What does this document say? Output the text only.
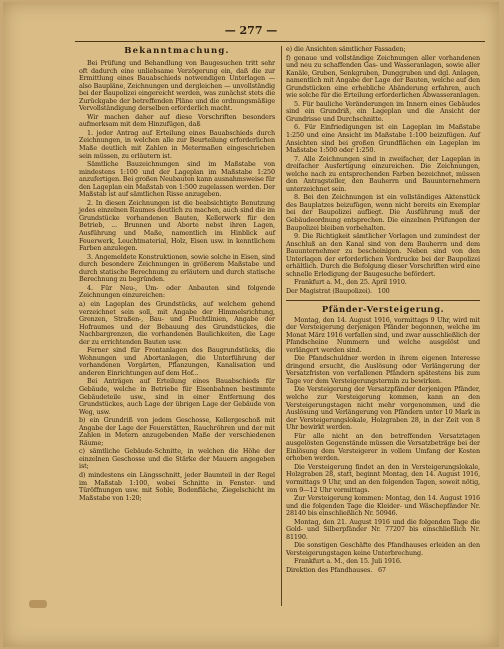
— 277 —
Bekanntmachung.

Bei Prüfung und Behandlung von Baugesuchen tritt sehr oft dadurch eine unliebsame Verzögerung ein, daß die zur Ermittlung eines Bauabschieds notwendigen Unterlagen — also Baupläne, Zeichnungen und dergleichen — unvollständig bei der Baupolizei eingereicht werden, was zunächst stets die Zurückgabe der betreffenden Pläne und die ordnungsmäßige Vervollständigung derselben erforderlich macht.

Wir machen daher auf diese Vorschriften besonders aufmerksam mit dem Hinzufügen, daß

1. jeder Antrag auf Erteilung eines Bauabschieds durch Zeichnungen, in welchen alle zur Beurteilung erforderlichen Maße deutlich mit Zahlen in Metermaßen eingeschrieben sein müssen, zu erläutern ist.

Sämtliche Bauzeichnungen sind im Maßstabe von mindestens 1:100 und der Lageplan im Maßstabe 1:250 anzufertigen. Bei großen Neubauten kann ausnahmsweise für den Lageplan ein Maßstab von 1:500 zugelassen werden. Der Maßstab ist auf sämtlichen Risse anzugeben.

2. In diesen Zeichnungen ist die beabsichtigte Benutzung jedes einzelnen Raumes deutlich zu machen, auch sind die im Grundstücke vorhandenen Bauten, Kellerwerk für den Betrieb, ... Brunnen und Aborte nebst ihren Lagen, Ausführung und Maße, namentlich im Hinblick auf Feuerwerk, Leuchtmaterial, Holz, Eisen usw. in kenntlichem Farben anzulegen.

3. Angemeldete Konstruktionen, sowie solche in Eisen, sind durch besondere Zeichnungen in größerem Maßstabe und durch statische Berechnung zu erläutern und durch statische Berechnung zu begründen.

4. Für Neu-, Um- oder Anbauten sind folgende Zeichnungen einzureichen:

a) ein Lageplan des Grundstücks, auf welchem gehend verzeichnet sein soll, mit Angabe der Himmelsrichtung, Grenzen, Straßen-, Bau- und Fluchtlinien, Angabe der Hofraumes und der Bebauung des Grundstückes, die Nachbargrenzen, die vorhandenen Baulichkeiten, die Lage der zu errichtenden Bauten usw.

Ferner sind für Frontanlagen des Baugrundstücks, die Wohnungen und Abortanlagen, die Unterführung der vorhandenen Vorgärten, Pflanzungen, Kanalisation und anderen Einrichtungen auf dem Hof...

Bei Anträgen auf Erteilung eines Bauabschieds für Gebäude, welche in Betriebe für Eisenbahnen bestimmte Gebäudeteile usw., sind in einer Entfernung des Grundstückes, auch Lage der übrigen Lage der Gebäude von Weg, usw.

b) ein Grundriß von jedem Geschosse, Kellergeschoß mit Angabe der Lage der Feuerstätten, Rauchröhren und der mit Zahlen in Metern anzugebenden Maße der verschiedenen Räume;

c) sämtliche Gebäude-Schnitte, in welchen die Höhe der einzelnen Geschosse und die Stärke der Mauern angegeben ist;

d) mindestens ein Längsschnitt, jeder Baumteil in der Regel im Maßstab 1:100, wobei Schnitte in Fenster- und Türöffnungen usw. mit Sohle, Bodenfläche, Ziegelschicht im Maßstabe von 1:20;

e) die Ansichten sämtlicher Fassaden;

f) genaue und vollständige Zeichnungen aller vorhandenen und neu zu schaffenden Gas- und Wasseranlagen, sowie aller Kanäle, Gruben, Senkgruben, Dunggruben und dgl. Anlagen, namentlich mit Angabe der Lage der Bauten, welche auf den Grundstücken eine erhebliche Abänderung erfahren, auch wie solche für die Erteilung erforderlichen Abwasseranlagen.

5. Für bauliche Veränderungen im Innern eines Gebäudes sind ein Grundriß, ein Lageplan und die Ansicht der Grundrisse und Durchschnitte.

6. Für Einfriedigungen ist ein Lageplan im Maßstabe 1:250 und eine Ansicht im Maßstabe 1:100 beizufügen. Auf Ansichten sind bei großen Grundflächen ein Lageplan im Maßstabe 1:500 oder 1:250.

7. Alle Zeichnungen sind in zweifacher, der Lageplan in dreifacher Ausfertigung einzureichen. Die Zeichnungen, welche nach zu entsprechenden Farben bezeichnet, müssen den Antragsteller, den Bauherrn und Bauunternehmern unterzeichnet sein.

8. Bei den Zeichnungen ist ein vollständiges Aktenstück des Bauplatzes beizufügen, wenn nicht bereits ein Exemplar bei der Baupolizei aufliegt. Die Ausführung muß der Gebäudeordnung entsprechen. Die einzelnen Prüfungen der Baupolizei bleiben vorbehalten.

9. Die Richtigkeit sämtlicher Vorlagen und zumindest der Anschluß an den Kanal sind von dem Bauherrn und dem Bauunternehmer zu bescheinigen. Neben sind von den Unterlagen der erforderlichen Vordrucke bei der Baupolizei erhältlich. Durch die Befolgung dieser Vorschriften wird eine schnelle Erledigung der Baugesuche befördert.

Frankfurt a. M., den 25. April 1910.

Der Magistrat (Baupolizei). 100

Pfänder-Versteigerung.

Montag, den 14. August 1916, vormittags 9 Uhr, wird mit der Versteigerung derjenigen Pfänder begonnen, welche im Monat März 1916 verfallen sind, und zwar ausschließlich der Pfandscheine Nummern und welche ausgelöst und verlängert werden sind.

Die Pfandschuldner werden in ihrem eigenen Interesse dringend ersucht, die Auslösung oder Verlängerung der Versatzfristen von verfallenen Pfändern spätestens bis zum Tage vor dem Versteigerungstermin zu bewirken.

Die Versteigerung der Versatzpfänder derjenigen Pfänder, welche zur Versteigerung kommen, kann an den Versteigerungstagen nicht mehr vorgenommen, und die Auslösung und Verlängerung von Pfändern unter 10 Mark in der Versteigerungslokale, Holzgraben 28, in der Zeit von 8 Uhr bewirkt werden.

Für alle nicht an den betreffenden Versatztagen ausgelösten Gegenstände müssen die Versatzbeträge bei der Einlösung dem Versteigerer in vollem Umfang der Kosten erhoben werden.

Die Versteigerung findet an den in Versteigerungslokale, Holzgraben 28, statt, beginnt Montag, den 14. August 1916, vormittags 9 Uhr, und an den folgenden Tagen, soweit nötig, von 9—12 Uhr vormittags.

Zur Versteigerung kommen: Montag, den 14. August 1916 und die folgenden Tage die Kleider- und Wäschepfänder Nr. 28140 bis einschließlich Nr. 50946.

Montag, den 21. August 1916 und die folgenden Tage die Gold- und Silberpfänder Nr. 77207 bis einschließlich Nr. 81190.

Die sonstigen Geschäfte des Pfandhauses erleiden an den Versteigerungstagen keine Unterbrechung.

Frankfurt a. M., den 15. Juli 1916.

Direktion des Pfandhauses. 67
